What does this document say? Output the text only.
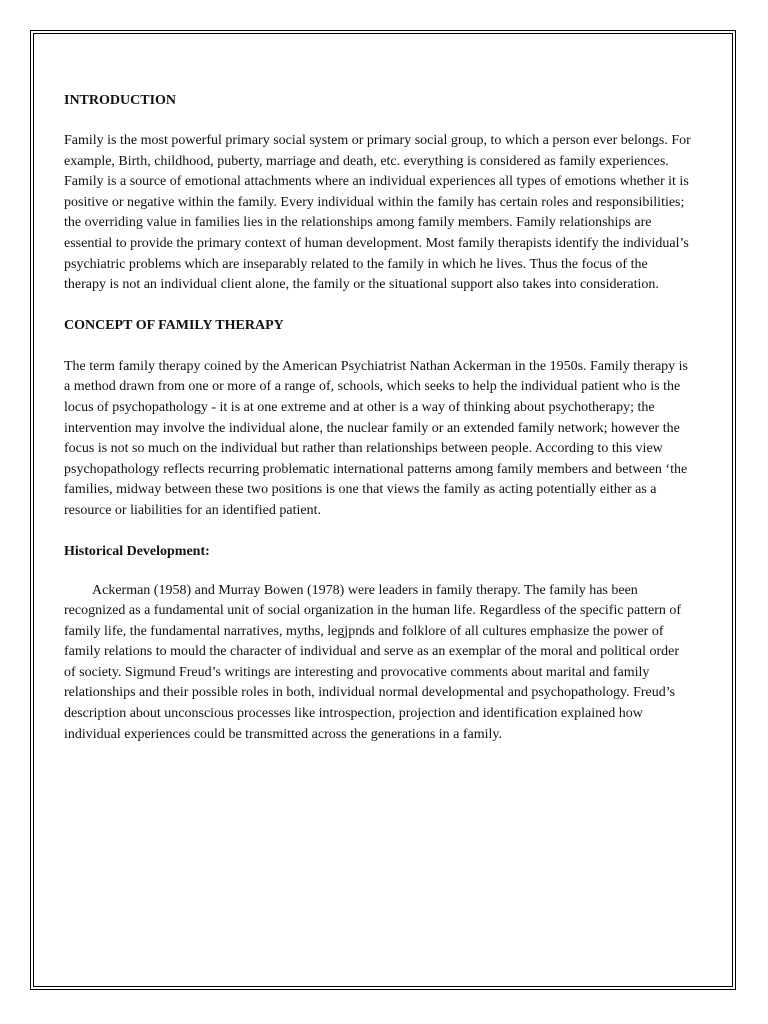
INTRODUCTION

Family is the most powerful primary social system or primary social group, to which a person ever belongs. For example, Birth, childhood, puberty, marriage and death, etc. everything is considered as family experiences. Family is a source of emotional attachments where an individual experiences all types of emotions whether it is positive or negative within the family. Every individual within the family has certain roles and responsibilities; the overriding value in families lies in the relationships among family members. Family relationships are essential to provide the primary context of human development. Most family therapists identify the individual’s psychiatric problems which are inseparably related to the family in which he lives. Thus the focus of the therapy is not an individual client alone, the family or the situational support also takes into consideration.

CONCEPT OF FAMILY THERAPY

The term family therapy coined by the American Psychiatrist Nathan Ackerman in the 1950s. Family therapy is a method drawn from one or more of a range of, schools, which seeks to help the individual patient who is the locus of psychopathology - it is at one extreme and at other is a way of thinking about psychotherapy; the intervention may involve the individual alone, the nuclear family or an extended family network; however the focus is not so much on the individual but rather than relationships between people. According to this view psychopathology reflects recurring problematic international patterns among family members and between ‘the families, midway between these two positions is one that views the family as acting potentially either as a resource or liabilities for an identified patient.

Historical Development:

Ackerman (1958) and Murray Bowen (1978) were leaders in family therapy. The family has been recognized as a fundamental unit of social organization in the human life. Regardless of the specific pattern of family life, the fundamental narratives, myths, legjpnds and folklore of all cultures emphasize the power of family relations to mould the character of individual and serve as an exemplar of the moral and political order of society. Sigmund Freud’s writings are interesting and provocative comments about marital and family relationships and their possible roles in both, individual normal developmental and psychopathology. Freud’s description about unconscious processes like introspection, projection and identification explained how individual experiences could be transmitted across the generations in a family.
